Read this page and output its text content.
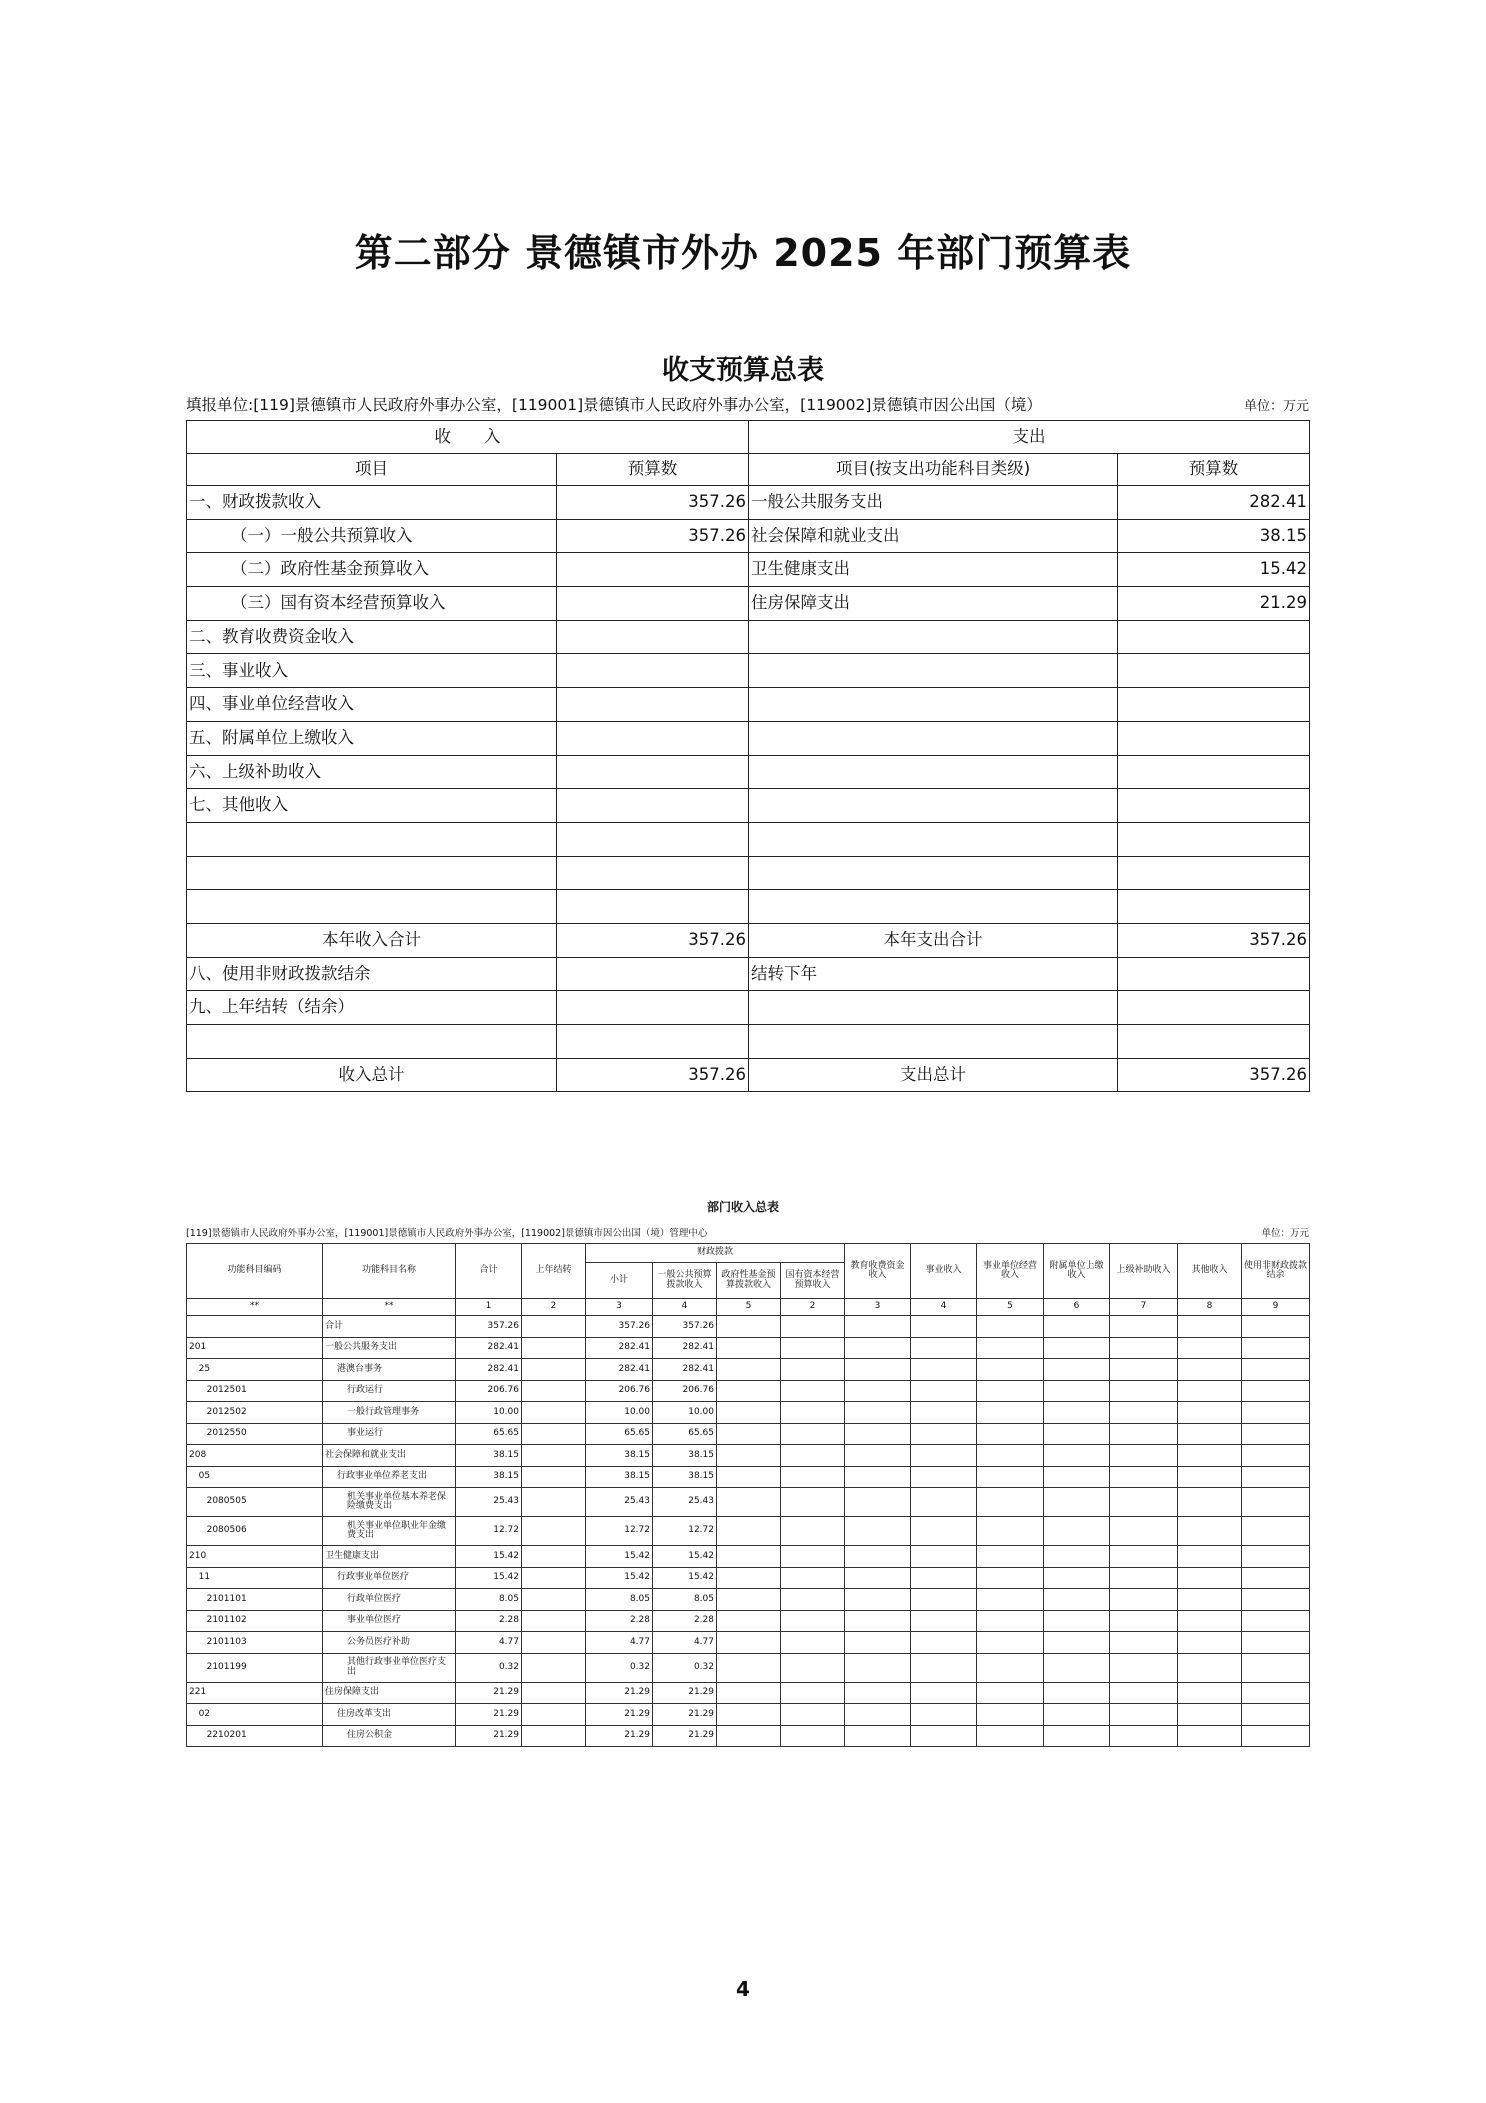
第二部分 景德镇市外办 2025 年部门预算表
收支预算总表
填报单位:[119]景德镇市人民政府外事办公室，[119001]景德镇市人民政府外事办公室，[119002]景德镇市因公出国（境）	单位：万元
收　　入		支出	
项目	预算数	项目(按支出功能科目类级)	预算数
一、财政拨款收入	357.26	一般公共服务支出	282.41
（一）一般公共预算收入	357.26	社会保障和就业支出	38.15
（二）政府性基金预算收入		卫生健康支出	15.42
（三）国有资本经营预算收入		住房保障支出	21.29
二、教育收费资金收入			
三、事业收入			
四、事业单位经营收入			
五、附属单位上缴收入			
六、上级补助收入			
七、其他收入			

本年收入合计	357.26	本年支出合计	357.26
八、使用非财政拨款结余		结转下年	
九、上年结转（结余）			

收入总计	357.26	支出总计	357.26
部门收入总表
[119]景德镇市人民政府外事办公室，[119001]景德镇市人民政府外事办公室，[119002]景德镇市因公出国（境）管理中心	单位：万元
功能科目编码	功能科目名称	合计	上年结转	财政拨款				教育收费资金收入	事业收入	事业单位经营收入	附属单位上缴收入	上级补助收入	其他收入	使用非财政拨款结余
				小计	一般公共预算拨款收入	政府性基金预算拨款收入	国有资本经营预算收入							
**	**	1	2	3	4	5	2	3	4	5	6	7	8	9
	合计	357.26		357.26	357.26									
201	一般公共服务支出	282.41		282.41	282.41									
25	港澳台事务	282.41		282.41	282.41									
2012501	行政运行	206.76		206.76	206.76									
2012502	一般行政管理事务	10.00		10.00	10.00									
2012550	事业运行	65.65		65.65	65.65									
208	社会保障和就业支出	38.15		38.15	38.15									
05	行政事业单位养老支出	38.15		38.15	38.15									
2080505	机关事业单位基本养老保险缴费支出	25.43		25.43	25.43									
2080506	机关事业单位职业年金缴费支出	12.72		12.72	12.72									
210	卫生健康支出	15.42		15.42	15.42									
11	行政事业单位医疗	15.42		15.42	15.42									
2101101	行政单位医疗	8.05		8.05	8.05									
2101102	事业单位医疗	2.28		2.28	2.28									
2101103	公务员医疗补助	4.77		4.77	4.77									
2101199	其他行政事业单位医疗支出	0.32		0.32	0.32									
221	住房保障支出	21.29		21.29	21.29									
02	住房改革支出	21.29		21.29	21.29									
2210201	住房公积金	21.29		21.29	21.29									
4
